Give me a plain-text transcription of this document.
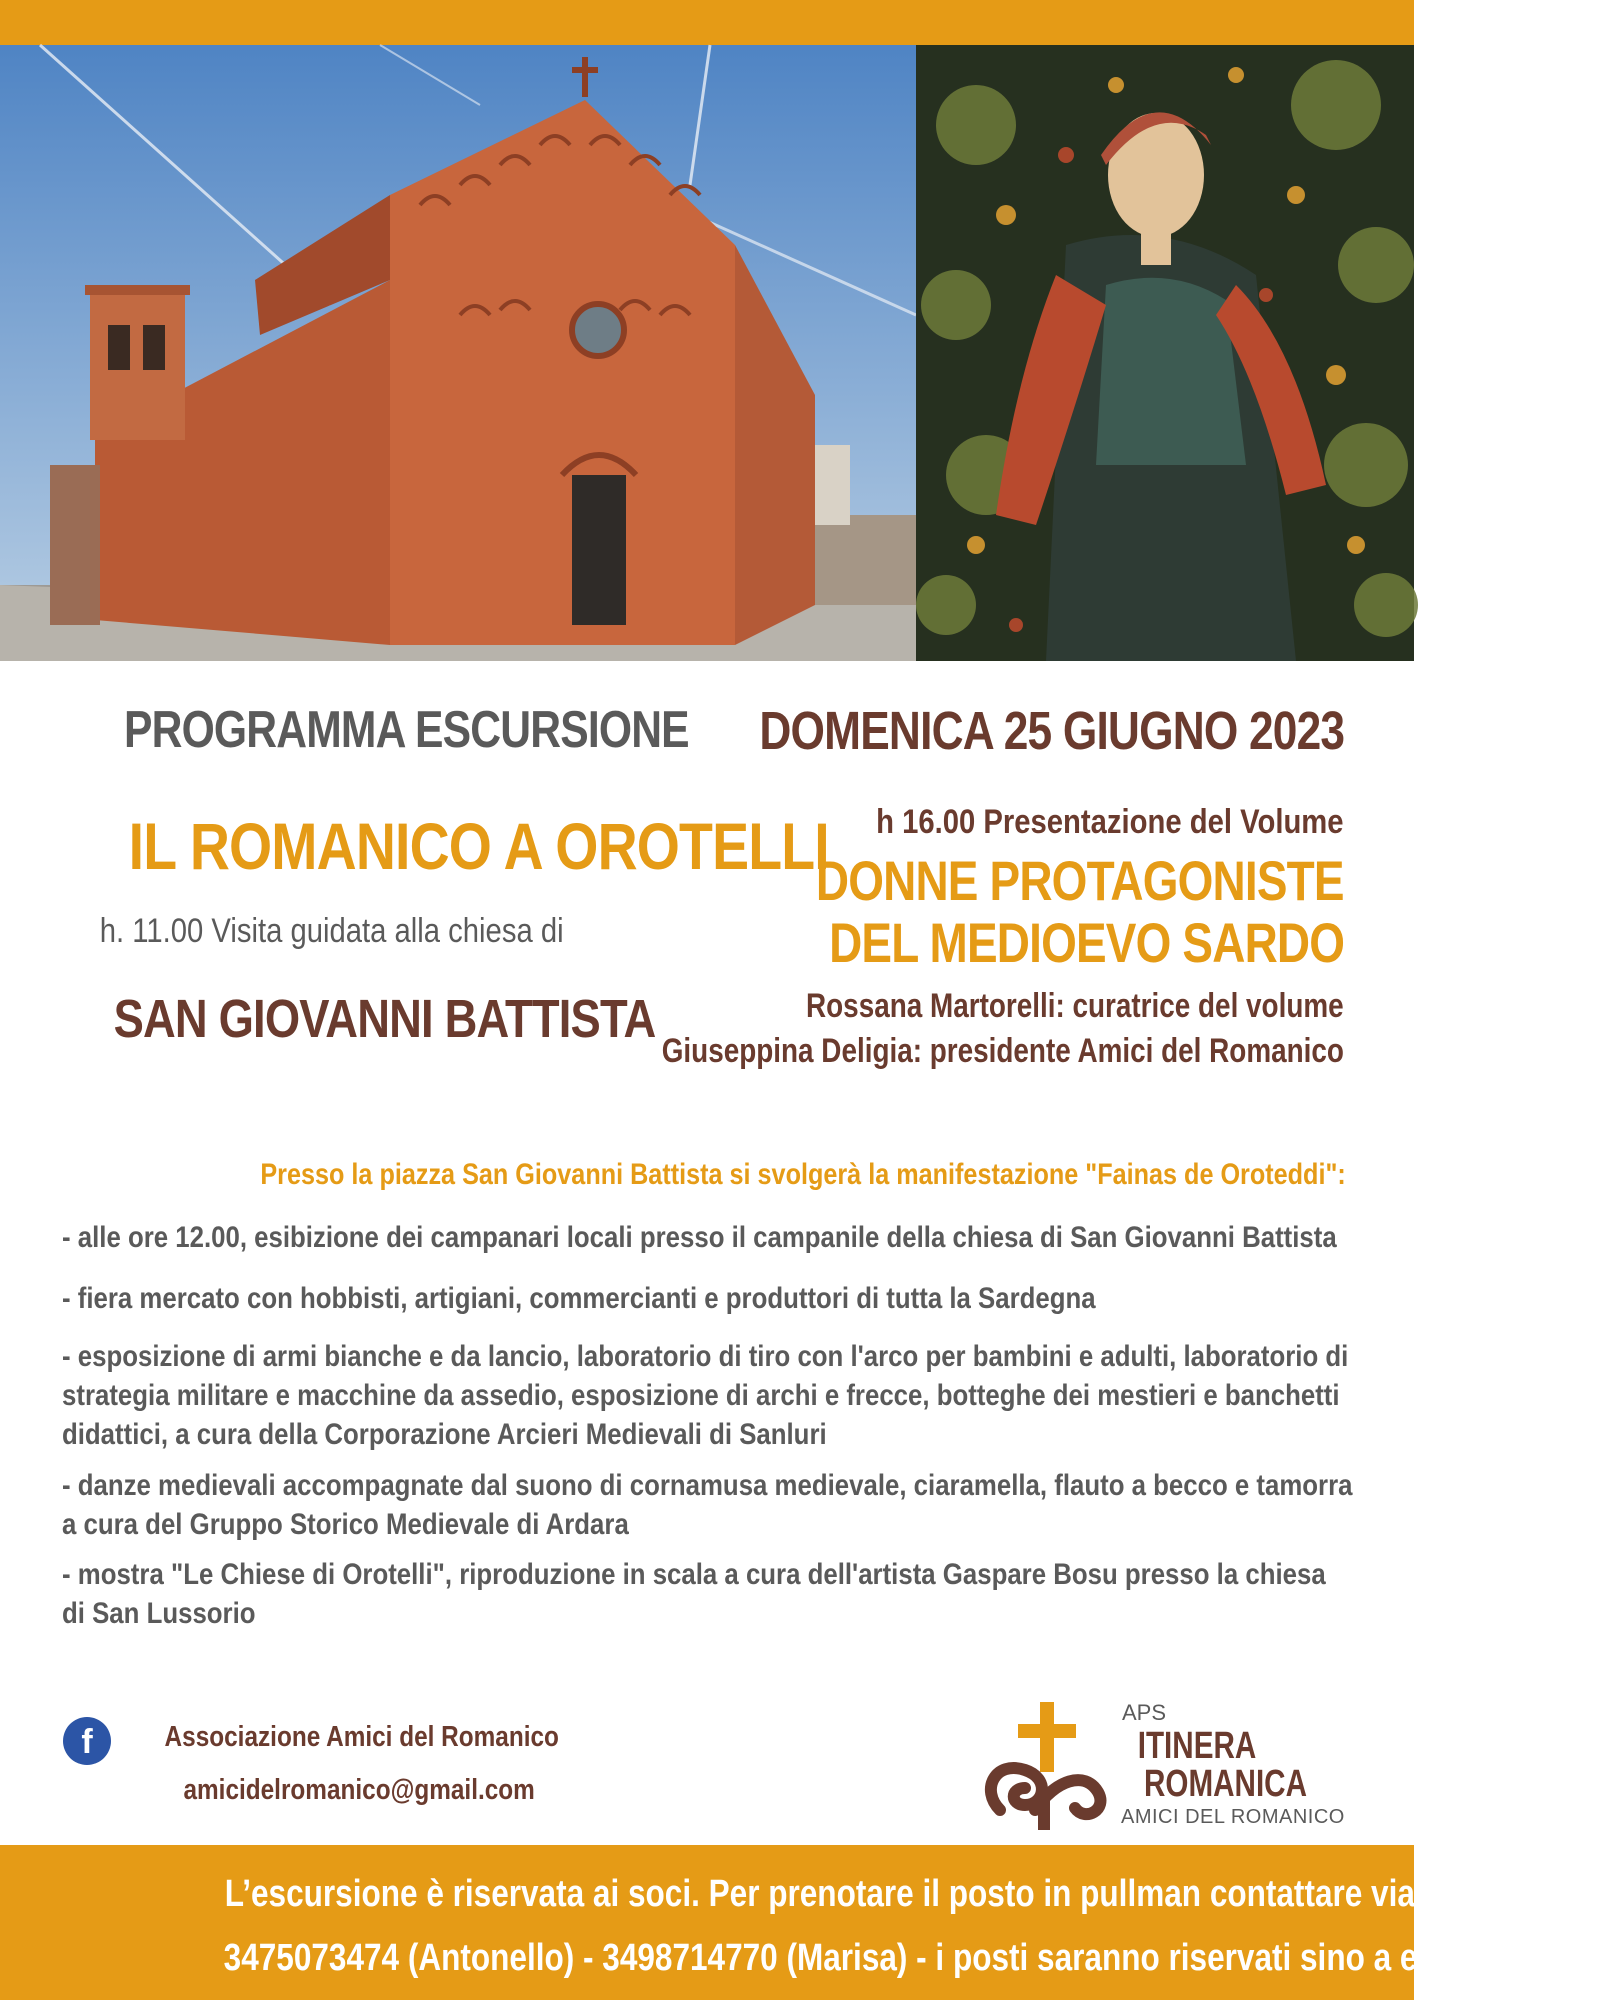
PROGRAMMA ESCURSIONE DOMENICA 25 GIUGNO 2023
IL ROMANICO A OROTELLI
h. 11.00 Visita guidata alla chiesa di
SAN GIOVANNI BATTISTA
h 16.00 Presentazione del Volume
DONNE PROTAGONISTE
DEL MEDIOEVO SARDO
Rossana Martorelli: curatrice del volume
Giuseppina Deligia: presidente Amici del Romanico
Presso la piazza San Giovanni Battista si svolgerà la manifestazione "Fainas de Oroteddi":
- alle ore 12.00, esibizione dei campanari locali presso il campanile della chiesa di San Giovanni Battista
- fiera mercato con hobbisti, artigiani, commercianti e produttori di tutta la Sardegna
- esposizione di armi bianche e da lancio, laboratorio di tiro con l'arco per bambini e adulti, laboratorio di
strategia militare e macchine da assedio, esposizione di archi e frecce, botteghe dei mestieri e banchetti
didattici, a cura della Corporazione Arcieri Medievali di Sanluri
- danze medievali accompagnate dal suono di cornamusa medievale, ciaramella, flauto a becco e tamorra
a cura del Gruppo Storico Medievale di Ardara
- mostra "Le Chiese di Orotelli", riproduzione in scala a cura dell'artista Gaspare Bosu presso la chiesa
di San Lussorio
f	Associazione Amici del Romanico
amicidelromanico@gmail.com
APS
ITINERA
ROMANICA
AMICI DEL ROMANICO
L’escursione è riservata ai soci. Per prenotare il posto in pullman contattare via messaggio:
3475073474 (Antonello) - 3498714770 (Marisa) - i posti saranno riservati sino a esaurimento
